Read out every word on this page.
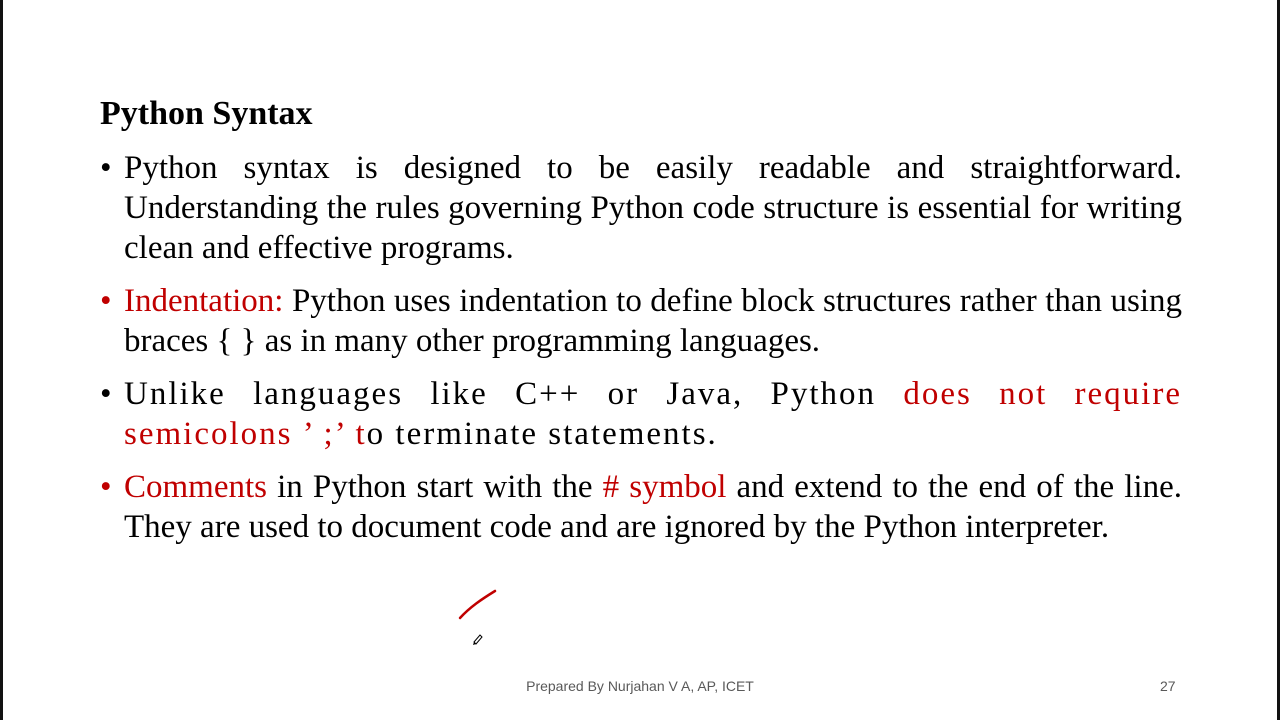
Python Syntax
• Python syntax is designed to be easily readable and straightforward. Understanding the rules governing Python code structure is essential for writing clean and effective programs.
• Indentation: Python uses indentation to define block structures rather than using braces { } as in many other programming languages.
• Unlike languages like C++ or Java, Python does not require semicolons ’ ;’ to terminate statements.
• Comments in Python start with the # symbol and extend to the end of the line. They are used to document code and are ignored by the Python interpreter.
Prepared By Nurjahan V A, AP, ICET	27
